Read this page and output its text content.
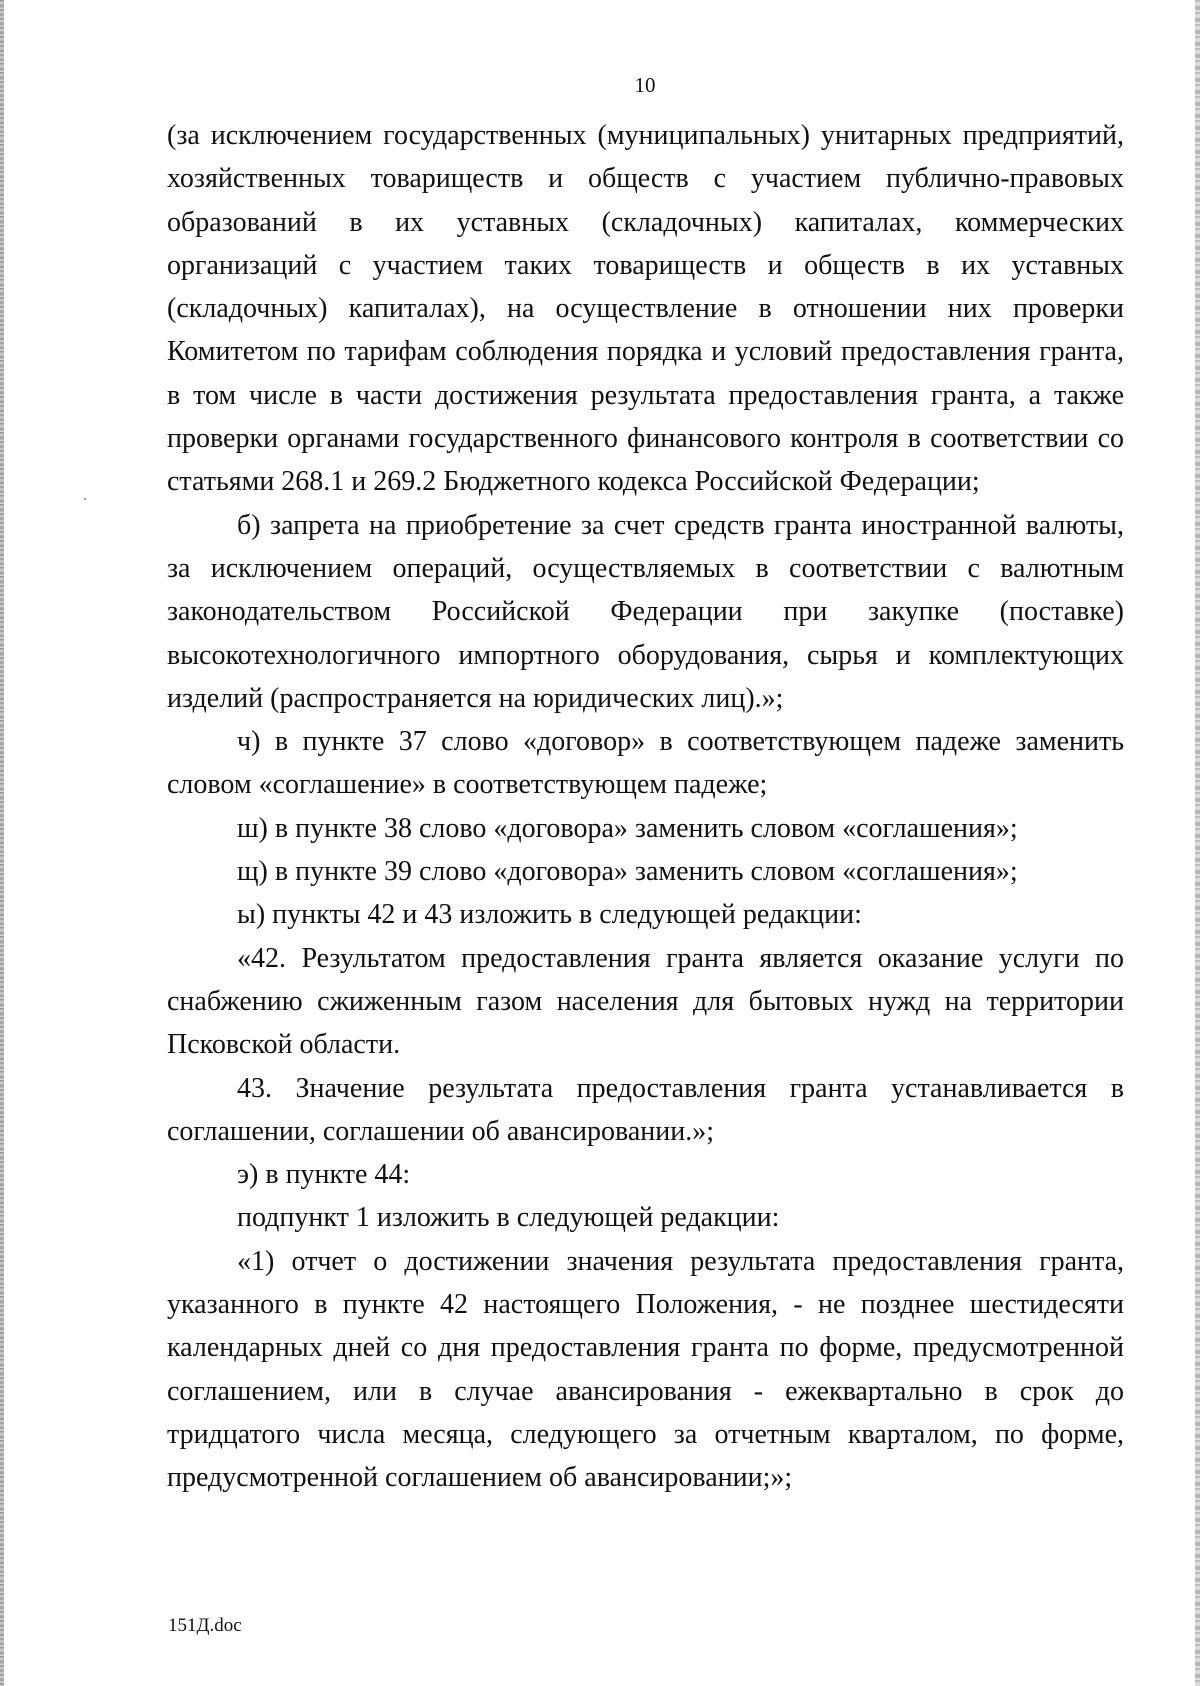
10

(за исключением государственных (муниципальных) унитарных предприятий, хозяйственных товариществ и обществ с участием публично-правовых образований в их уставных (складочных) капиталах, коммерческих организаций с участием таких товариществ и обществ в их уставных (складочных) капиталах), на осуществление в отношении них проверки Комитетом по тарифам соблюдения порядка и условий предоставления гранта, в том числе в части достижения результата предоставления гранта, а также проверки органами государственного финансового контроля в соответствии со статьями 268.1 и 269.2 Бюджетного кодекса Российской Федерации;

б) запрета на приобретение за счет средств гранта иностранной валюты, за исключением операций, осуществляемых в соответствии с валютным законодательством Российской Федерации при закупке (поставке) высокотехнологичного импортного оборудования, сырья и комплектующих изделий (распространяется на юридических лиц).»;

ч) в пункте 37 слово «договор» в соответствующем падеже заменить словом «соглашение» в соответствующем падеже;

ш) в пункте 38 слово «договора» заменить словом «соглашения»;

щ) в пункте 39 слово «договора» заменить словом «соглашения»;

ы) пункты 42 и 43 изложить в следующей редакции:

«42. Результатом предоставления гранта является оказание услуги по снабжению сжиженным газом населения для бытовых нужд на территории Псковской области.

43. Значение результата предоставления гранта устанавливается в соглашении, соглашении об авансировании.»;

э) в пункте 44:

подпункт 1 изложить в следующей редакции:

«1) отчет о достижении значения результата предоставления гранта, указанного в пункте 42 настоящего Положения, - не позднее шестидесяти календарных дней со дня предоставления гранта по форме, предусмотренной соглашением, или в случае авансирования - ежеквартально в срок до тридцатого числа месяца, следующего за отчетным кварталом, по форме, предусмотренной соглашением об авансировании;»;

151Д.doc
